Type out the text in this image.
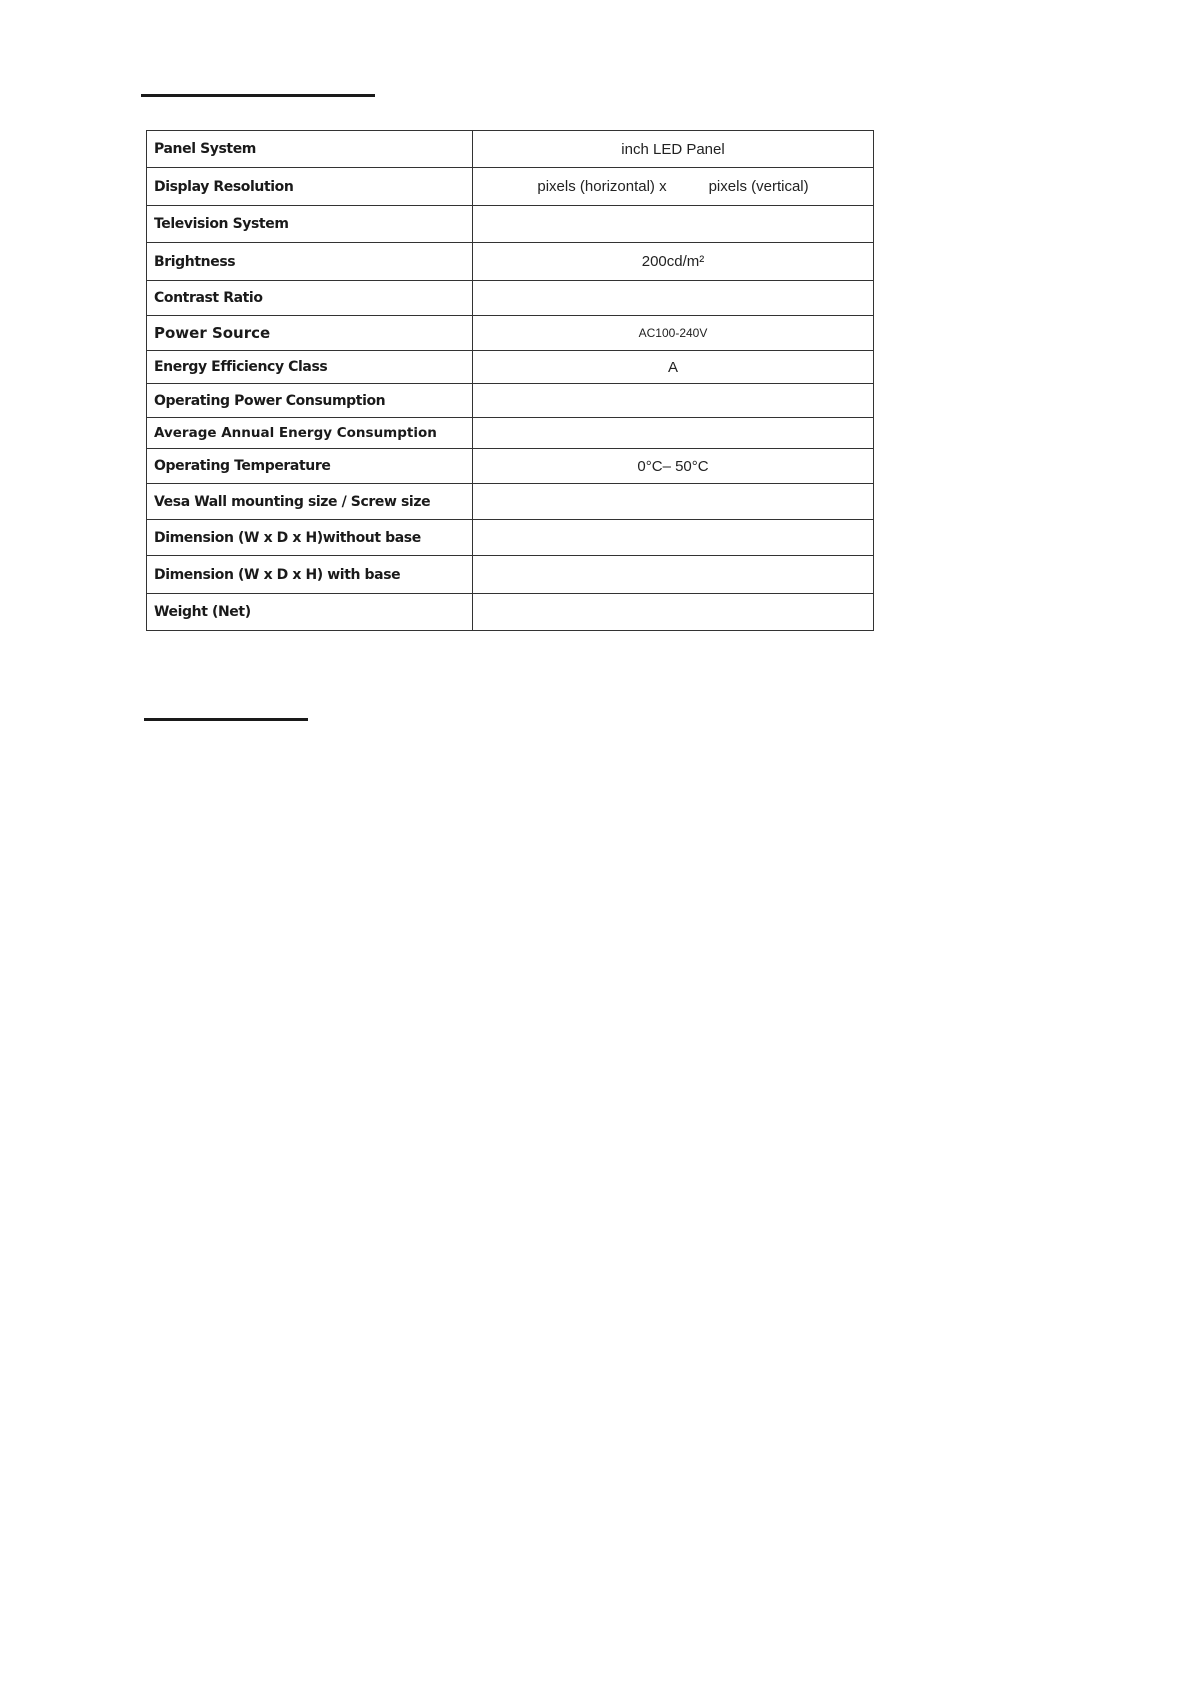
Panel System	inch LED Panel
Display Resolution	pixels (horizontal) x pixels (vertical)
Television System	
Brightness	200cd/m²
Contrast Ratio	
Power Source	AC100-240V
Energy Efficiency Class	A
Operating Power Consumption	
Average Annual Energy Consumption	
Operating Temperature	0°C– 50°C
Vesa Wall mounting size / Screw size	
Dimension (W x D x H)without base	
Dimension (W x D x H) with base	
Weight (Net)	
